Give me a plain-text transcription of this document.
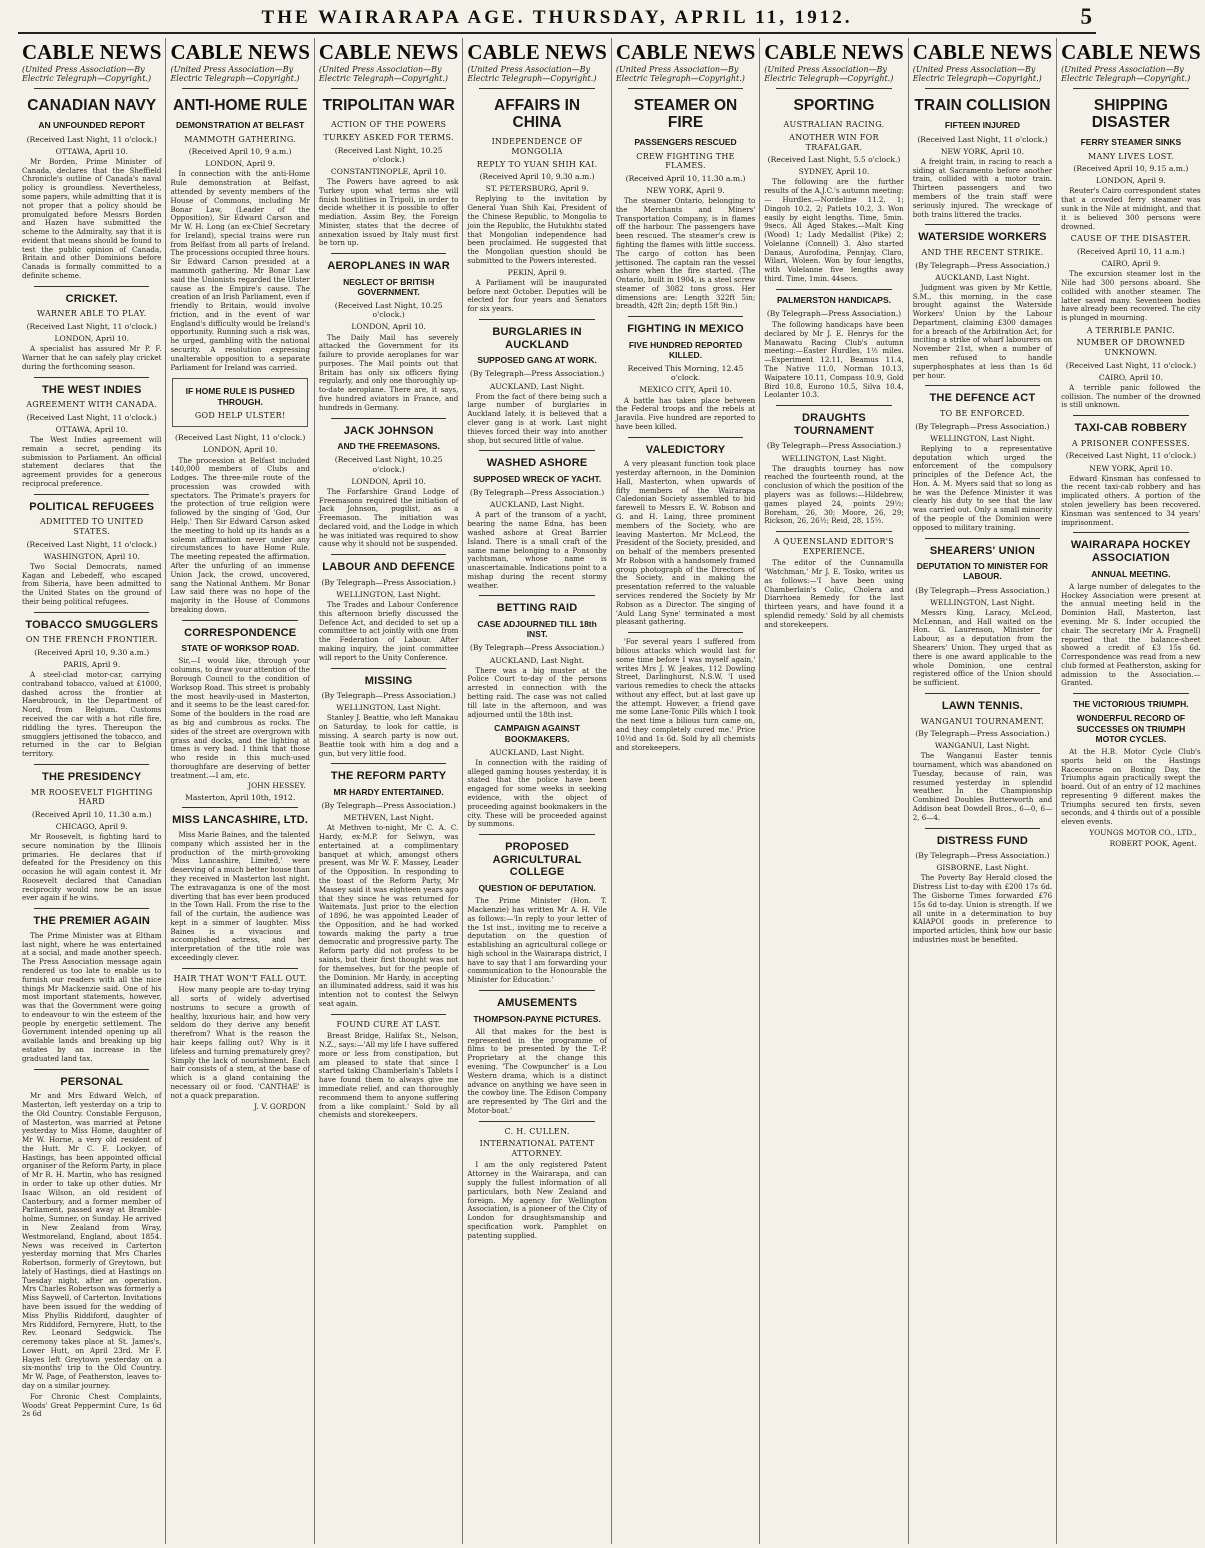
THE WAIRARAPA AGE. THURSDAY, APRIL 11, 1912.	5
CABLE NEWS
(United Press Association—By Electric Telegraph—Copyright.)
CANADIAN NAVY
AN UNFOUNDED REPORT
(Received Last Night, 11 o'clock.)
OTTAWA, April 10.
Mr Borden, Prime Minister of Canada, declares that the Sheffield Chronicle's outline of Canada's naval policy is groundless. Nevertheless, some papers, while admitting that it is not proper that a policy should be promulgated before Messrs Borden and Hazen have submitted the scheme to the Admiralty, say that it is evident that means should be found to test the public opinion of Canada, Britain and other Dominions before Canada is formally committed to a definite scheme.
CRICKET.
WARNER ABLE TO PLAY.
(Received Last Night, 11 o'clock.)
LONDON, April 10.
A specialist has assured Mr P. F. Warner that he can safely play cricket during the forthcoming season.
THE WEST INDIES
AGREEMENT WITH CANADA.
(Received Last Night, 11 o'clock.)
OTTAWA, April 10.
The West Indies agreement will remain a secret, pending its submission to Parliament. An official statement declares that the agreement provides for a generous reciprocal preference.
POLITICAL REFUGEES
ADMITTED TO UNITED STATES.
(Received Last Night, 11 o'clock.)
WASHINGTON, April 10.
Two Social Democrats, named Kagan and Lebedeff, who escaped from Siberia, have been admitted to the United States on the ground of their being political refugees.
TOBACCO SMUGGLERS
ON THE FRENCH FRONTIER.
(Received April 10, 9.30 a.m.)
PARIS, April 9.
A steel-clad motor-car, carrying contraband tobacco, valued at £1000, dashed across the frontier at Haeubrouck, in the Department of Nord, from Belgium. Customs received the car with a hot rifle fire, riddling the tyres. Thereupon the smugglers jettisoned the tobacco, and returned in the car to Belgian territory.
THE PRESIDENCY
MR ROOSEVELT FIGHTING HARD
(Received April 10, 11.30 a.m.)
CHICAGO, April 9.
Mr Roosevelt, is fighting hard to secure nomination by the Illinois primaries. He declares that if defeated for the Presidency on this occasion he will again contest it. Mr Roosevelt declared that Canadian reciprocity would now be an issue ever again if he wins.
THE PREMIER AGAIN
The Prime Minister was at Eltham last night, where he was entertained at a social, and made another speech. The Press Association message again rendered us too late to enable us to furnish our readers with all the nice things Mr Mackenzie said. One of his most important statements, however, was that the Government were going to endeavour to win the esteem of the people by energetic settlement. The Government intended opening up all available lands and breaking up big estates by an increase in the graduated land tax.
PERSONAL
Mr and Mrs Edward Welch, of Masterton, left yesterday on a trip to the Old Country. Constable Ferguson, of Masterton, was married at Petone yesterday to Miss Home, daughter of Mr W. Horne, a very old resident of the Hutt. Mr C. F. Lockyer, of Hastings, has been appointed official organiser of the Reform Party, in place of Mr R. H. Martin, who has resigned in order to take up other duties. Mr Isaac Wilson, an old resident of Canterbury, and a former member of Parliament, passed away at Bramble-holme, Sumner, on Sunday. He arrived in New Zealand from Wray, Westmoreland, England, about 1854. News was received in Carterton yesterday morning that Mrs Charles Robertson, formerly of Greytown, but lately of Hastings, died at Hastings on Tuesday night, after an operation. Mrs Charles Robertson was formerly a Miss Saywell, of Carterton. Invitations have been issued for the wedding of Miss Phyllis Riddiford, daughter of Mrs Riddiford, Fernyrere, Hutt, to the Rev. Leonard Sedgwick. The ceremony takes place at St. James's, Lower Hutt, on April 23rd. Mr F. Hayes left Greytown yesterday on a six-months' trip to the Old Country. Mr W. Page, of Featherston, leaves to-day on a similar journey.
For Chronic Chest Complaints, Woods' Great Peppermint Cure, 1s 6d 2s 6d
CABLE NEWS
(United Press Association—By Electric Telegraph—Copyright.)
ANTI-HOME RULE
DEMONSTRATION AT BELFAST
MAMMOTH GATHERING.
(Received April 10, 9 a.m.)
LONDON, April 9.
In connection with the anti-Home Rule demonstration at Belfast, attended by seventy members of the House of Commons, including Mr Bonar Law, (Leader of the Opposition), Sir Edward Carson and Mr W. H. Long (an ex-Chief Secretary for Ireland), special trains were run from Belfast from all parts of Ireland. The processions occupied three hours. Sir Edward Carson presided at a mammoth gathering. Mr Bonar Law said the Unionists regarded the Ulster cause as the Empire's cause. The creation of an Irish Parliament, even if friendly to Britain, would involve friction, and in the event of war England's difficulty would be Ireland's opportunity. Running such a risk was, he urged, gambling with the national security. A resolution expressing unalterable opposition to a separate Parliament for Ireland was carried.
IF HOME RULE IS PUSHED THROUGH.
GOD HELP ULSTER!
(Received Last Night, 11 o'clock.)
LONDON, April 10.
The procession at Belfast included 140,000 members of Clubs and Lodges. The three-mile route of the procession was crowded with spectators. The Primate's prayers for the protection of true religion were followed by the singing of 'God, Our Help.' Then Sir Edward Carson asked the meeting to hold up its hands as a solemn affirmation never under any circumstances to have Home Rule. The meeting repeated the affirmation. After the unfurling of an immense Union Jack, the crowd, uncovered, sang the National Anthem. Mr Bonar Law said there was no hope of the majority in the House of Commons breaking down.
CORRESPONDENCE
STATE OF WORKSOP ROAD.
Sir,—I would like, through your columns, to draw your attention of the Borough Council to the condition of Worksop Road. This street is probably the most heavily-used in Masterton, and it seems to be the least cared-for. Some of the boulders in the road are as big and cumbrous as rocks. The sides of the street are overgrown with grass and docks, and the lighting at times is very bad. I think that those who reside in this much-used thoroughfare are deserving of better treatment.—I am, etc.
JOHN HESSEY.
Masterton, April 10th, 1912.
MISS LANCASHIRE, LTD.
Miss Marie Baines, and the talented company which assisted her in the production of the mirth-provoking 'Miss Lancashire, Limited,' were deserving of a much better house than they received in Masterton last night. The extravaganza is one of the most diverting that has ever been produced in the Town Hall. From the rise to the fall of the curtain, the audience was kept in a simmer of laughter. Miss Baines is a vivacious and accomplished actress, and her interpretation of the title role was exceedingly clever.
HAIR THAT WON'T FALL OUT.
How many people are to-day trying all sorts of widely advertised nostrums to secure a growth of healthy, luxurious hair, and how very seldom do they derive any benefit therefrom? What is the reason the hair keeps falling out? Why is it lifeless and turning prematurely grey? Simply the lack of nourishment. Each hair consists of a stem, at the base of which is a gland containing the necessary oil or food. 'CANTHAE' is not a quack preparation.
J. V. GORDON
CABLE NEWS
(United Press Association—By Electric Telegraph—Copyright.)
TRIPOLITAN WAR
ACTION OF THE POWERS
TURKEY ASKED FOR TERMS.
(Received Last Night, 10.25 o'clock.)
CONSTANTINOPLE, April 10.
The Powers have agreed to ask Turkey upon what terms she will finish hostilities in Tripoli, in order to decide whether it is possible to offer mediation. Assim Bey, the Foreign Minister, states that the decree of annexation issued by Italy must first be torn up.
AEROPLANES IN WAR
NEGLECT OF BRITISH GOVERNMENT.
(Received Last Night, 10.25 o'clock.)
LONDON, April 10.
The Daily Mail has severely attacked the Government for its failure to provide aeroplanes for war purposes. The Mail points out that Britain has only six officers flying regularly, and only one thoroughly up-to-date aeroplane. There are, it says, five hundred aviators in France, and hundreds in Germany.
JACK JOHNSON
AND THE FREEMASONS.
(Received Last Night, 10.25 o'clock.)
LONDON, April 10.
The Forfarshire Grand Lodge of Freemasons required the initiation of Jack Johnson, pugilist, as a Freemason. The initiation was declared void, and the Lodge in which he was initiated was required to show cause why it should not be suspended.
LABOUR AND DEFENCE
(By Telegraph—Press Association.)
WELLINGTON, Last Night.
The Trades and Labour Conference this afternoon briefly discussed the Defence Act, and decided to set up a committee to act jointly with one from the Federation of Labour. After making inquiry, the joint committee will report to the Unity Conference.
MISSING
(By Telegraph—Press Association.)
WELLINGTON, Last Night.
Stanley J. Beattie, who left Manakau on Saturday, to look for cattle, is missing. A search party is now out. Beattie took with him a dog and a gun, but very little food.
THE REFORM PARTY
MR HARDY ENTERTAINED.
(By Telegraph—Press Association.)
METHVEN, Last Night.
At Methven to-night, Mr C. A. C. Hardy, ex-M.P. for Selwyn, was entertained at a complimentary banquet at which, amongst others present, was Mr W. F. Massey, Leader of the Opposition. In responding to the toast of the Reform Party, Mr Massey said it was eighteen years ago that they since he was returned for Waitemata. Just prior to the election of 1896, he was appointed Leader of the Opposition, and he had worked towards making the party a true democratic and progressive party. The Reform party did not profess to be saints, but their first thought was not for themselves, but for the people of the Dominion. Mr Hardy, in accepting an illuminated address, said it was his intention not to contest the Selwyn seat again.
FOUND CURE AT LAST.
Breast Bridge, Halifax St., Nelson, N.Z., says:—'All my life I have suffered more or less from constipation, but am pleased to state that since I started taking Chamberlain's Tablets I have found them to always give me immediate relief, and can thoroughly recommend them to anyone suffering from a like complaint.' Sold by all chemists and storekeepers.
CABLE NEWS
(United Press Association—By Electric Telegraph—Copyright.)
AFFAIRS IN CHINA
INDEPENDENCE OF MONGOLIA
REPLY TO YUAN SHIH KAI.
(Received April 10, 9.30 a.m.)
ST. PETERSBURG, April 9.
Replying to the invitation by General Yuan Shih Kai, President of the Chinese Republic, to Mongolia to join the Republic, the Hutukhtu stated that Mongolian independence had been proclaimed. He suggested that the Mongolian question should be submitted to the Powers interested.
PEKIN, April 9.
A Parliament will be inaugurated before next October. Deputies will be elected for four years and Senators for six years.
BURGLARIES IN AUCKLAND
SUPPOSED GANG AT WORK.
(By Telegraph—Press Association.)
AUCKLAND, Last Night.
From the fact of there being such a large number of burglaries in Auckland lately, it is believed that a clever gang is at work. Last night thieves forced their way into another shop, but secured little of value.
WASHED ASHORE
SUPPOSED WRECK OF YACHT.
(By Telegraph—Press Association.)
AUCKLAND, Last Night.
A part of the transom of a yacht, bearing the name Edna, has been washed ashore at Great Barrier Island. There is a small craft of the same name belonging to a Ponsonby yachtsman, whose name is unascertainable. Indications point to a mishap during the recent stormy weather.
BETTING RAID
CASE ADJOURNED TILL 18th INST.
(By Telegraph—Press Association.)
AUCKLAND, Last Night.
There was a big muster at the Police Court to-day of the persons arrested in connection with the betting raid. The case was not called till late in the afternoon, and was adjourned until the 18th inst.
CAMPAIGN AGAINST BOOKMAKERS.
AUCKLAND, Last Night.
In connection with the raiding of alleged gaming houses yesterday, it is stated that the police have been engaged for some weeks in seeking evidence, with the object of proceeding against bookmakers in the city. These will be proceeded against by summons.
PROPOSED AGRICULTURAL COLLEGE
QUESTION OF DEPUTATION.
The Prime Minister (Hon. T. Mackenzie) has written Mr A. H. Vile as follows:—'In reply to your letter of the 1st inst., inviting me to receive a deputation on the question of establishing an agricultural college or high school in the Wairarapa district, I have to say that I am forwarding your communication to the Honourable the Minister for Education.'
AMUSEMENTS
THOMPSON-PAYNE PICTURES.
All that makes for the best is represented in the programme of films to be presented by the T.-P. Proprietary at the change this evening. 'The Cowpuncher' is a Lou Western drama, which is a distinct advance on anything we have seen in the cowboy line. The Edison Company are represented by 'The Girl and the Motor-boat.'
C. H. CULLEN.
INTERNATIONAL PATENT ATTORNEY.
I am the only registered Patent Attorney in the Wairarapa, and can supply the fullest information of all particulars, both New Zealand and foreign. My agency for Wellington Association, is a pioneer of the City of London for draughtsmanship and specification work. Pamphlet on patenting supplied.
CABLE NEWS
(United Press Association—By Electric Telegraph—Copyright.)
STEAMER ON FIRE
PASSENGERS RESCUED
CREW FIGHTING THE FLAMES.
(Received April 10, 11.30 a.m.)
NEW YORK, April 9.
The steamer Ontario, belonging to the Merchants and Miners' Transportation Company, is in flames off the harbour. The passengers have been rescued. The steamer's crew is fighting the flames with little success. The cargo of cotton has been jettisoned. The captain ran the vessel ashore when the fire started. (The Ontario, built in 1904, is a steel screw steamer of 3082 tons gross. Her dimensions are: Length 322ft 5in; breadth, 42ft 2in; depth 15ft 9in.)
FIGHTING IN MEXICO
FIVE HUNDRED REPORTED KILLED.
Received This Morning, 12.45 o'clock.
MEXICO CITY, April 10.
A battle has taken place between the Federal troops and the rebels at Jaravila. Five hundred are reported to have been killed.
VALEDICTORY
A very pleasant function took place yesterday afternoon, in the Dominion Hall, Masterton, when upwards of fifty members of the Wairarapa Caledonian Society assembled to bid farewell to Messrs E. W. Robson and G. and H. Laing, three prominent members of the Society, who are leaving Masterton. Mr McLeod, the President of the Society, presided, and on behalf of the members presented Mr Robson with a handsomely framed group photograph of the Directors of the Society, and in making the presentation referred to the valuable services rendered the Society by Mr Robson as a Director. The singing of 'Auld Lang Syne' terminated a most pleasant gathering.
'For several years I suffered from bilious attacks which would last for some time before I was myself again,' writes Mrs J. W. Jeakes, 112 Dowling Street, Darlinghurst, N.S.W. 'I used various remedies to check the attacks without any effect, but at last gave up the attempt. However, a friend gave me some Lane-Tonic Pills which I took the next time a bilious turn came on, and they completely cured me.' Price 10½d and 1s 6d. Sold by all chemists and storekeepers.
CABLE NEWS
(United Press Association—By Electric Telegraph—Copyright.)
SPORTING
AUSTRALIAN RACING.
ANOTHER WIN FOR TRAFALGAR.
(Received Last Night, 5.5 o'clock.)
SYDNEY, April 10.
The following are the further results of the A.J.C.'s autumn meeting:— Hurdles.—Nordeline 11.2, 1; Dingoh 10.2, 2; Patlets 10.2, 3. Won easily by eight lengths. Time, 5min. 9secs. All Aged Stakes.—Malt King (Wood) 1; Lady Medallist (Pike) 2; Volelanne (Connell) 3. Also started Danaus, Aurofodina, Pennjay, Claro, Wilari, Woleen. Won by four lengths, with Volelanne five lengths away third. Time, 1min. 44secs.
PALMERSTON HANDICAPS.
(By Telegraph—Press Association.)
The following handicaps have been declared by Mr J. E. Henrys for the Manawatu Racing Club's autumn meeting:—Easter Hurdles, 1½ miles.—Experiment 12.11, Beamus 11.4, The Native 11.0, Norman 10.13, Waipatere 10.11, Compass 10.9, Gold Bird 10.8, Eurono 10.5, Silva 10.4, Leolanter 10.3.
DRAUGHTS TOURNAMENT
(By Telegraph—Press Association.)
WELLINGTON, Last Night.
The draughts tourney has now reached the fourteenth round, at the conclusion of which the position of the players was as follows:—Hildebrew, games played 24, points 29½; Boreham, 26, 30; Moore, 26, 29; Rickson, 26, 26½; Reid, 28, 15½.
A QUEENSLAND EDITOR'S EXPERIENCE.
The editor of the Cunnamulla 'Watchman,' Mr J. E. Tosko, writes us as follows:—'I have been using Chamberlain's Colic, Cholera and Diarrhoea Remedy for the last thirteen years, and have found it a splendid remedy.' Sold by all chemists and storekeepers.
CABLE NEWS
(United Press Association—By Electric Telegraph—Copyright.)
TRAIN COLLISION
FIFTEEN INJURED
(Received Last Night, 11 o'clock.)
NEW YORK, April 10.
A freight train, in racing to reach a siding at Sacramento before another train, collided with a motor train. Thirteen passengers and two members of the train staff were seriously injured. The wreckage of both trains littered the tracks.
WATERSIDE WORKERS
AND THE RECENT STRIKE.
(By Telegraph—Press Association.)
AUCKLAND, Last Night.
Judgment was given by Mr Kettle, S.M., this morning, in the case brought against the Waterside Workers' Union by the Labour Department, claiming £300 damages for a breach of the Arbitration Act, for inciting a strike of wharf labourers on November 21st, when a number of men refused to handle superphosphates at less than 1s 6d per hour.
THE DEFENCE ACT
TO BE ENFORCED.
(By Telegraph—Press Association.)
WELLINGTON, Last Night.
Replying to a representative deputation which urged the enforcement of the compulsory principles of the Defence Act, the Hon. A. M. Myers said that so long as he was the Defence Minister it was clearly his duty to see that the law was carried out. Only a small minority of the people of the Dominion were opposed to military training.
SHEARERS' UNION
DEPUTATION TO MINISTER FOR LABOUR.
(By Telegraph—Press Association.)
WELLINGTON, Last Night.
Messrs King, Laracy, McLeod, McLennan, and Hall waited on the Hon. G. Laurenson, Minister for Labour, as a deputation from the Shearers' Union. They urged that as there is one award applicable to the whole Dominion, one central registered office of the Union should be sufficient.
LAWN TENNIS.
WANGANUI TOURNAMENT.
(By Telegraph—Press Association.)
WANGANUI, Last Night.
The Wanganui Easter tennis tournament, which was abandoned on Tuesday, because of rain, was resumed yesterday in splendid weather. In the Championship Combined Doubles Butterworth and Addison beat Dowdell Bros., 6—0, 6—2, 6—4.
DISTRESS FUND
(By Telegraph—Press Association.)
GISBORNE, Last Night.
The Poverty Bay Herald closed the Distress List to-day with £200 17s 6d. The Gisborne Times forwarded £76 15s 6d to-day. Union is strength. If we all unite in a determination to buy KAIAPOI goods in preference to imported articles, think how our basic industries must be benefited.
CABLE NEWS
(United Press Association—By Electric Telegraph—Copyright.)
SHIPPING DISASTER
FERRY STEAMER SINKS
MANY LIVES LOST.
(Received April 10, 9.15 a.m.)
LONDON, April 9.
Reuter's Cairo correspondent states that a crowded ferry steamer was sunk in the Nile at midnight, and that it is believed 300 persons were drowned.
CAUSE OF THE DISASTER.
(Received April 10, 11 a.m.)
CAIRO, April 9.
The excursion steamer lost in the Nile had 300 persons aboard. She collided with another steamer. The latter saved many. Seventeen bodies have already been recovered. The city is plunged in mourning.
A TERRIBLE PANIC.
NUMBER OF DROWNED UNKNOWN.
(Received Last Night, 11 o'clock.)
CAIRO, April 10.
A terrible panic followed the collision. The number of the drowned is still unknown.
TAXI-CAB ROBBERY
A PRISONER CONFESSES.
(Received Last Night, 11 o'clock.)
NEW YORK, April 10.
Edward Kinsman has confessed to the recent taxi-cab robbery and has implicated others. A portion of the stolen jewellery has been recovered. Kinsman was sentenced to 34 years' imprisonment.
WAIRARAPA HOCKEY ASSOCIATION
ANNUAL MEETING.
A large number of delegates to the Hockey Association were present at the annual meeting held in the Dominion Hall, Masterton, last evening. Mr S. Inder occupied the chair. The secretary (Mr A. Fragnell) reported that the balance-sheet showed a credit of £3 15s 6d. Correspondence was read from a new club formed at Featherston, asking for admission to the Association.—Granted.
THE VICTORIOUS TRIUMPH.
WONDERFUL RECORD OF SUCCESSES ON TRIUMPH MOTOR CYCLES.
At the H.B. Motor Cycle Club's sports held on the Hastings Racecourse on Boxing Day, the Triumphs again practically swept the board. Out of an entry of 12 machines representing 9 different makes the Triumphs secured ten firsts, seven seconds, and 4 thirds out of a possible eleven events.
YOUNGS MOTOR CO., LTD.,
ROBERT POOK, Agent.
